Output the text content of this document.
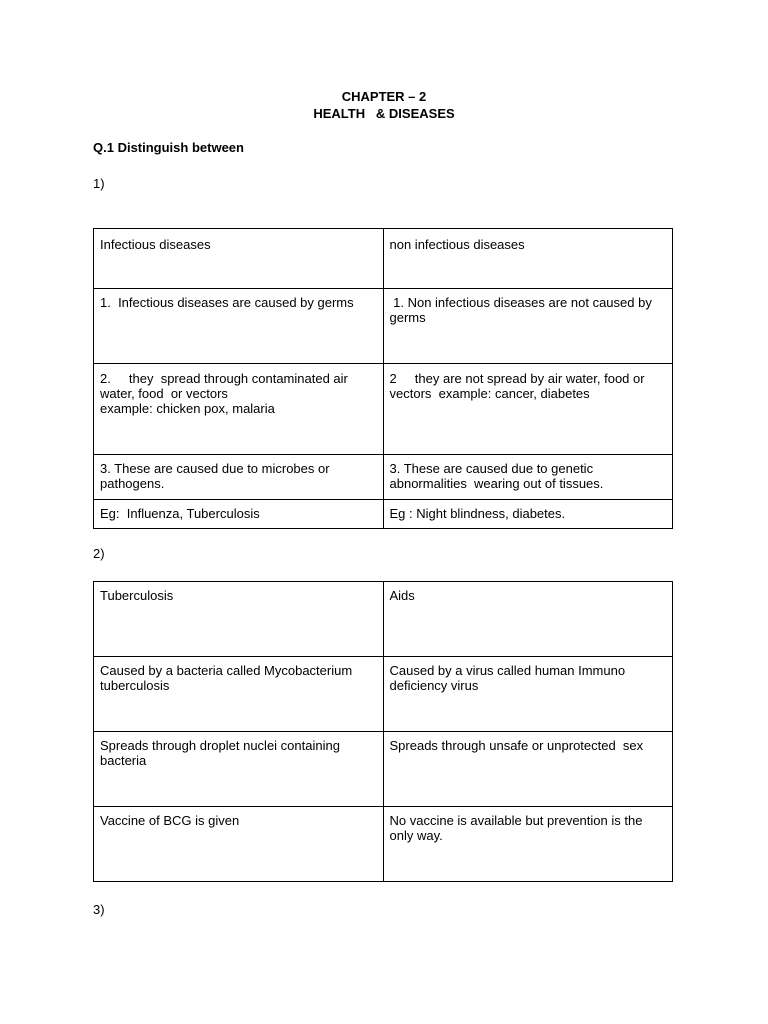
CHAPTER – 2
HEALTH   & DISEASES
Q.1 Distinguish between
1)
Infectious diseases	non infectious diseases
1.  Infectious diseases are caused by germs	1. Non infectious diseases are not caused by germs
2.     they  spread through contaminated air water, food  or vectors
example: chicken pox, malaria	2     they are not spread by air water, food or vectors  example: cancer, diabetes
3. These are caused due to microbes or pathogens.	3. These are caused due to genetic abnormalities  wearing out of tissues.
Eg:  Influenza, Tuberculosis	Eg : Night blindness, diabetes.
2)
Tuberculosis	Aids
Caused by a bacteria called Mycobacterium tuberculosis	Caused by a virus called human Immuno deficiency virus
Spreads through droplet nuclei containing bacteria	Spreads through unsafe or unprotected  sex
Vaccine of BCG is given	No vaccine is available but prevention is the only way.
3)
